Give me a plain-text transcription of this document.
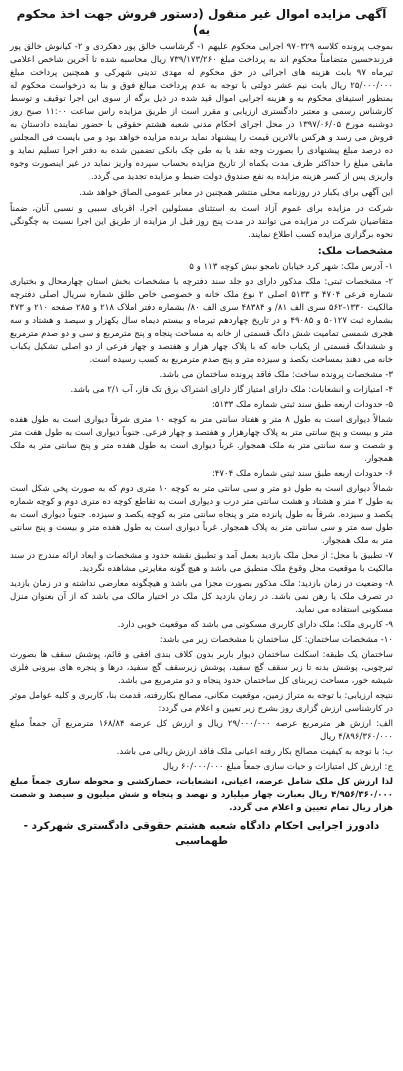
آگهی مزایده اموال غیر منقول (دستور فروش جهت اخذ محکوم به)
بموجب پرونده کلاسه ۹۷۰۳۲۹ اجرایی محکوم علیهم ۱- گرشاسب خالق پور دهکردی و ۲- کیانوش خالق پور فرزندحسین متضامناً محکوم اند به پرداخت مبلغ ۷۳۹/۱۷۳/۲۶۰ ریال محاسبه شده تا آخرین شاخص اعلامی تیرماه ۹۷ بابت هزینه های اجرائی در حق محکوم له مهدی تدینی شهرکی و همچنین پرداخت مبلغ ۲۵/۰۰۰/۰۰۰ ریال بابت نیم عشر دولتی با توجه به عدم پرداخت مبالغ فوق و بنا به درخواست محکوم له بمنظور استیفای محکوم به و هزینه اجرایی اموال قید شده در ذیل برگه از سوی این اجرا توقیف و توسط کارشناس رسمی و معتبر دادگستری ارزیابی و مقرر است از طریق مزایده راس ساعت ۱۱:۰۰ صبح روز دوشنبه مورخ ۱۳۹۷/۰۶/۰۵ در محل اجرای احکام مدنی شعبه هشتم حقوقی با حضور نماینده دادستان به فروش می رسد و هرکس بالاترین قیمت را پیشنهاد نماید برنده مزایده خواهد بود و می بایست فی المجلس ده درصد مبلغ پیشنهادی را بصورت وجه نقد یا به طی چک بانکی تضمین شده به دفتر اجرا تسلیم نماید و مابقی مبلغ را حداکثر ظرف مدت یکماه از تاریخ مزایده بحساب سپرده واریز نماید در غیر اینصورت وجوه واریزی پس از کسر هزینه مزایده به نفع صندوق دولت ضبط و مزایده تجدید می گردد.
این آگهی برای یکبار در روزنامه محلی منتشر همچنین در معابر عمومی الصاق خواهد شد.
شرکت در مزایده برای عموم آزاد است به استثنای مسئولین اجرا، اقربای سببی و نسبی آنان، ضمناً متقاضیان شرکت در مزایده می توانند در مدت پنج روز قبل از مزایده از طریق این اجرا نسبت به چگونگی نحوه برگزاری مزایده کسب اطلاع نمایند.
مشخصات ملک:
۱- آدرس ملک: شهر کرد خیابان نامجو نبش کوچه ۱۱۳ و ۵
۲- مشخصات ثبتی: ملک مذکور دارای دو جلد سند دفترچه با مشخصات بخش استان چهارمحال و بختیاری شماره فرعی ۴۷۰۴ و ۵۱۳۳ اصلی ۲ نوع ملک خانه و خصوصی خاص طلق شماره سریال اصلی دفترچه مالکیت ۱۳۳۰-۵۶۲ سری الف ۸۱/ و ۴۸۳۸۴ سری الف ۸۰/ بشماره دفتر املاک ۲۱۸ و ۲۸۵ صفحه ۲۱۰ و ۴۷۳ بشماره ثبت ۵۰۱۲۷ و ۴۹۰۸۵ و در تاریخ چهاردهم تیرماه و بیستم دیماه سال یکهزار و سیصد و هشتاد و سه هجری شمسی تمامیت شش دانگ قسمتی از خانه به مساحت پنجاه و پنج مترمربع و سی و دو صدم مترمربع و ششدانگ قسمتی از یکباب خانه که با پلاک چهار هزار و هفتصد و چهار فرعی از دو اصلی تشکیل یکباب خانه می دهند بمساحت یکصد و سیزده متر و پنج صدم مترمربع به کسب رسیده است.
۳- مشخصات پرونده ساخت: ملک فاقد پرونده ساختمان می باشد.
۴- امتیازات و انشعابات: ملک دارای امتیاز گاز دارای اشتراک برق تک فاز، آب ۲/۱ می باشد.
۵- حدودات اربعه طبق سند ثبتی شماره ملک ۵۱۳۳:
شمالاً دیواری است به طول ۸ متر و هفتاد سانتی متر به کوچه ۱۰ متری شرقاً دیواری است به طول هفده متر و بیست و پنج سانتی متر به پلاک چهارهزار و هفتصد و چهار فرعی. جنوباً دیواری است به طول هفت متر و شصت و سه سانتی متر به ملک همجوار. غرباً دیواری است به طول هفده متر و پنج سانتی متر به ملک همجوار.
۶- حدودات اربعه طبق سند ثبتی شماره ملک ۴۷۰۴:
شمالاً دیواری است به طول دو متر و سی سانتی متر به کوچه ۱۰ متری دوم که به صورت پخی شکل است به طول ۲ متر و هشتاد و هشت سانتی متر درب و دیواری است به تقاطع کوچه ده متری دوم و کوچه شماره یکصد و سیزده. شرقاً به طول پانزده متر و پنجاه سانتی متر به کوچه یکصد و سیزده. جنوباً دیواری است به طول سه متر و سی سانتی متر به پلاک همجوار. غرباً دیواری است به طول هفده متر و بیست و پنج سانتی متر به ملک همجوار.
۷- تطبیق با محل: از محل ملک بازدید بعمل آمد و تطبیق نقشه حدود و مشخصات و ابعاد ارائه مندرج در سند مالکیت با موقعیت محل وقوع ملک منطبق می باشد و هیچ گونه مغایرتی مشاهده نگردید.
۸- وضعیت در زمان بازدید: ملک مذکور بصورت مجزا می باشد و هیچگونه معارضی نداشته و در زمان بازدید در تصرف ملک یا رهن نمی باشد. در زمان بازدید کل ملک در اختیار مالک می باشد که از آن بعنوان منزل مسکونی استفاده می نماید.
۹- کاربری ملک: ملک دارای کاربری مسکونی می باشد که موقعیت خوبی دارد.
۱۰- مشخصات ساختمان: کل ساختمان با مشخصات زیر می باشد:
ساختمان یک طبقه: اسکلت ساختمان دیوار باربر بدون کلاف بندی افقی و قائم، پوشش سقف ها بصورت تیرچوبی، پوشش بدنه تا زیر سقف گچ سفید، پوشش زیرسقف گچ سفید، درها و پنجره های بیرونی فلزی شیشه خور، مساحت زیربنای کل ساختمان حدود پنجاه و دو مترمربع می باشد.
نتیجه ارزیابی: با توجه به متراژ زمین، موقعیت مکانی، مصالح بکاررفته، قدمت بنا، کاربری و کلیه عوامل موثر در کارشناسی ارزش گزاری روز بشرح زیر تعیین و اعلام می گردد:
الف: ارزش هر مترمربع عرصه ۲۹/۰۰۰/۰۰۰ ریال و ارزش کل عرصه ۱۶۸/۸۴ مترمربع آن جمعاً مبلغ ۴/۸۹۶/۳۶۰/۰۰۰ ریال
ب: با توجه به کیفیت مصالح بکار رفته اعیانی ملک فاقد ارزش ریالی می باشد.
ج: ارزش کل امتیازات و حیات سازی جمعاً مبلغ ۶۰/۰۰۰/۰۰۰ ریال
لذا ارزش کل ملک شامل عرصه، اعیانی، انشعابات، حصارکشی و محوطه سازی جمعاً مبلغ ۴/۹۵۶/۳۶۰/۰۰۰ ریال بعبارت چهار میلیارد و نهصد و پنجاه و شش میلیون و سیصد و شصت هزار ریال تمام تعیین و اعلام می گردد.
دادورز اجرایی احکام دادگاه شعبه هشتم حقوقی دادگستری شهرکرد - طهماسبی
